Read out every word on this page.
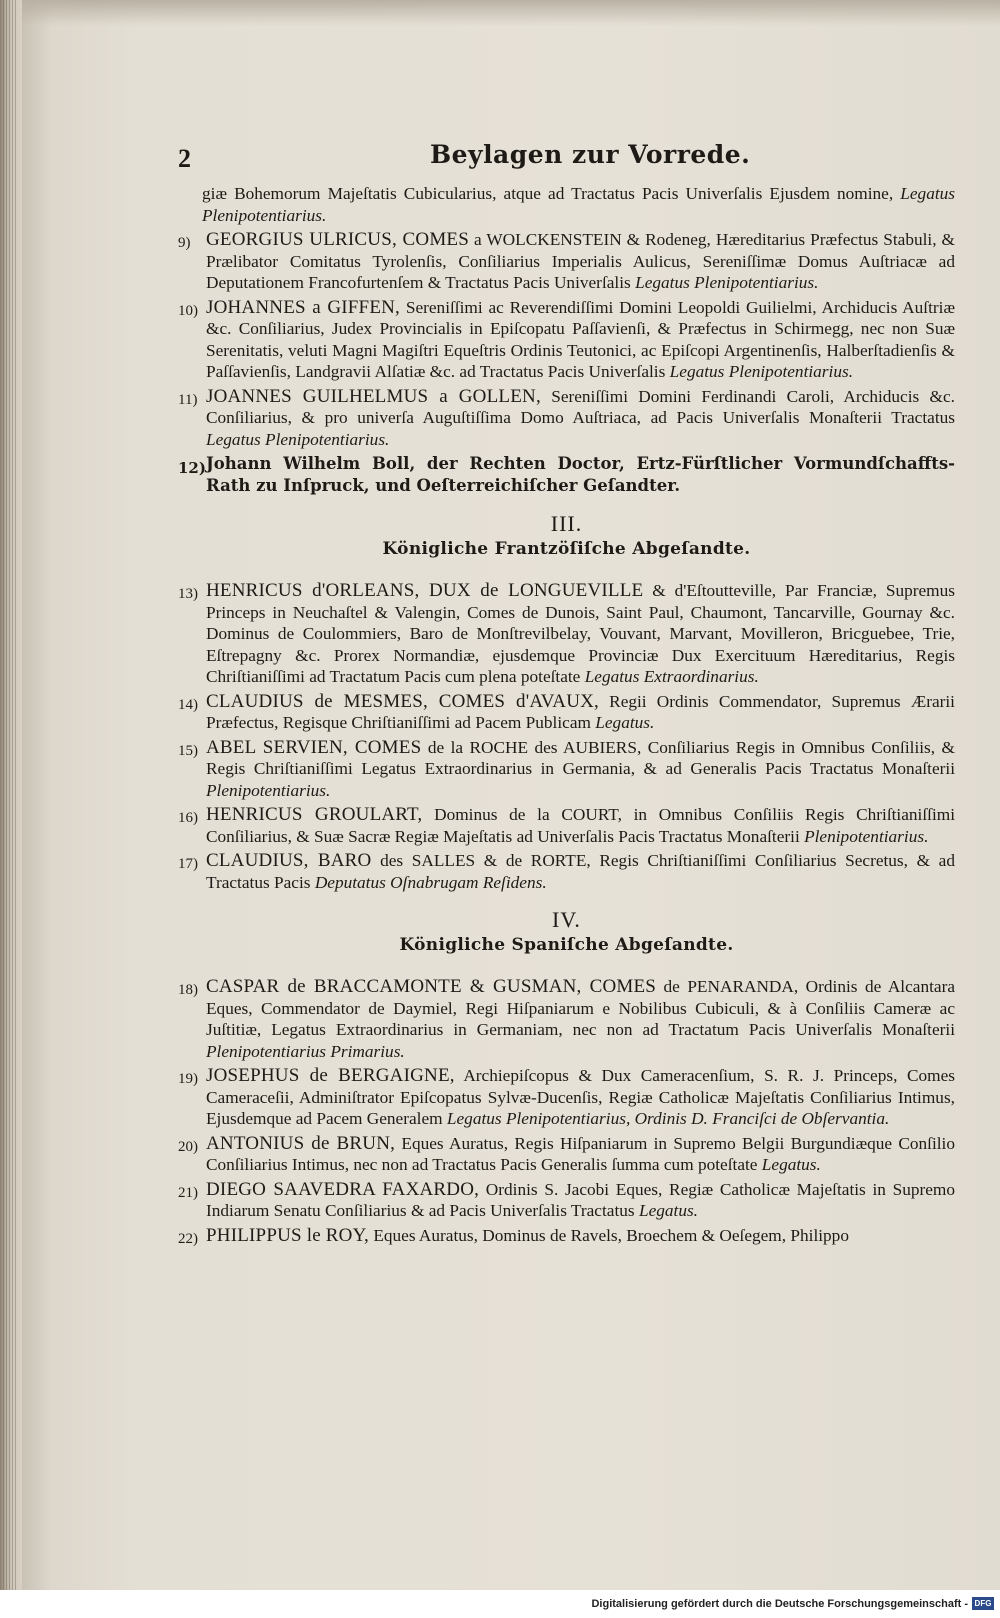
2	Beylagen zur Vorrede.
giæ Bohemorum Majeſtatis Cubicularius, atque ad Tractatus Pacis Univerſalis Ejusdem nomine, Legatus Plenipotentiarius.
9) GEORGIUS ULRICUS, COMES a WOLCKENSTEIN & Rodeneg, Hæreditarius Præfectus Stabuli, & Prælibator Comitatus Tyrolenſis, Conſiliarius Imperialis Aulicus, Sereniſſimæ Domus Auſtriacæ ad Deputationem Francofurtenſem & Tractatus Pacis Univerſalis Legatus Plenipotentiarius.
10) JOHANNES a GIFFEN, Sereniſſimi ac Reverendiſſimi Domini Leopoldi Guilielmi, Archiducis Auſtriæ &c. Conſiliarius, Judex Provincialis in Epiſcopatu Paſſavienſi, & Præfectus in Schirmegg, nec non Suæ Serenitatis, veluti Magni Magiſtri Equeſtris Ordinis Teutonici, ac Epiſcopi Argentinenſis, Halberſtadienſis & Paſſavienſis, Landgravii Alſatiæ &c. ad Tractatus Pacis Univerſalis Legatus Plenipotentiarius.
11) JOANNES GUILHELMUS a GOLLEN, Sereniſſimi Domini Ferdinandi Caroli, Archiducis &c. Conſiliarius, & pro univerſa Auguſtiſſima Domo Auſtriaca, ad Pacis Univerſalis Monaſterii Tractatus Legatus Plenipotentiarius.
12) Johann Wilhelm Boll, der Rechten Doctor, Ertz-Fürſtlicher Vormundſchaffts-Rath zu Inſpruck, und Oeſterreichiſcher Geſandter.
III.
Königliche Frantzöſiſche Abgeſandte.
13) HENRICUS d'ORLEANS, DUX de LONGUEVILLE & d'Eſtoutteville, Par Franciæ, Supremus Princeps in Neuchaſtel & Valengin, Comes de Dunois, Saint Paul, Chaumont, Tancarville, Gournay &c. Dominus de Coulommiers, Baro de Monſtrevilbelay, Vouvant, Marvant, Movilleron, Bricguebee, Trie, Eſtrepagny &c. Prorex Normandiæ, ejusdemque Provinciæ Dux Exercituum Hæreditarius, Regis Chriſtianiſſimi ad Tractatum Pacis cum plena poteſtate Legatus Extraordinarius.
14) CLAUDIUS de MESMES, COMES d'AVAUX, Regii Ordinis Commendator, Supremus Ærarii Præfectus, Regisque Chriſtianiſſimi ad Pacem Publicam Legatus.
15) ABEL SERVIEN, COMES de la ROCHE des AUBIERS, Conſiliarius Regis in Omnibus Conſiliis, & Regis Chriſtianiſſimi Legatus Extraordinarius in Germania, & ad Generalis Pacis Tractatus Monaſterii Plenipotentiarius.
16) HENRICUS GROULART, Dominus de la COURT, in Omnibus Conſiliis Regis Chriſtianiſſimi Conſiliarius, & Suæ Sacræ Regiæ Majeſtatis ad Univerſalis Pacis Tractatus Monaſterii Plenipotentiarius.
17) CLAUDIUS, BARO des SALLES & de RORTE, Regis Chriſtianiſſimi Conſiliarius Secretus, & ad Tractatus Pacis Deputatus Oſnabrugam Reſidens.
IV.
Königliche Spaniſche Abgeſandte.
18) CASPAR de BRACCAMONTE & GUSMAN, COMES de PENARANDA, Ordinis de Alcantara Eques, Commendator de Daymiel, Regi Hiſpaniarum e Nobilibus Cubiculi, & à Conſiliis Cameræ ac Juſtitiæ, Legatus Extraordinarius in Germaniam, nec non ad Tractatum Pacis Univerſalis Monaſterii Plenipotentiarius Primarius.
19) JOSEPHUS de BERGAIGNE, Archiepiſcopus & Dux Cameracenſium, S. R. J. Princeps, Comes Cameraceſii, Adminiſtrator Epiſcopatus Sylvæ-Ducenſis, Regiæ Catholicæ Majeſtatis Conſiliarius Intimus, Ejusdemque ad Pacem Generalem Legatus Plenipotentiarius, Ordinis D. Franciſci de Obſervantia.
20) ANTONIUS de BRUN, Eques Auratus, Regis Hiſpaniarum in Supremo Belgii Burgundiæque Conſilio Conſiliarius Intimus, nec non ad Tractatus Pacis Generalis ſumma cum poteſtate Legatus.
21) DIEGO SAAVEDRA FAXARDO, Ordinis S. Jacobi Eques, Regiæ Catholicæ Majeſtatis in Supremo Indiarum Senatu Conſiliarius & ad Pacis Univerſalis Tractatus Legatus.
22) PHILIPPUS le ROY, Eques Auratus, Dominus de Ravels, Broechem & Oeſegem, Philippo
Digitalisierung gefördert durch die Deutsche Forschungsgemeinschaft - DFG
